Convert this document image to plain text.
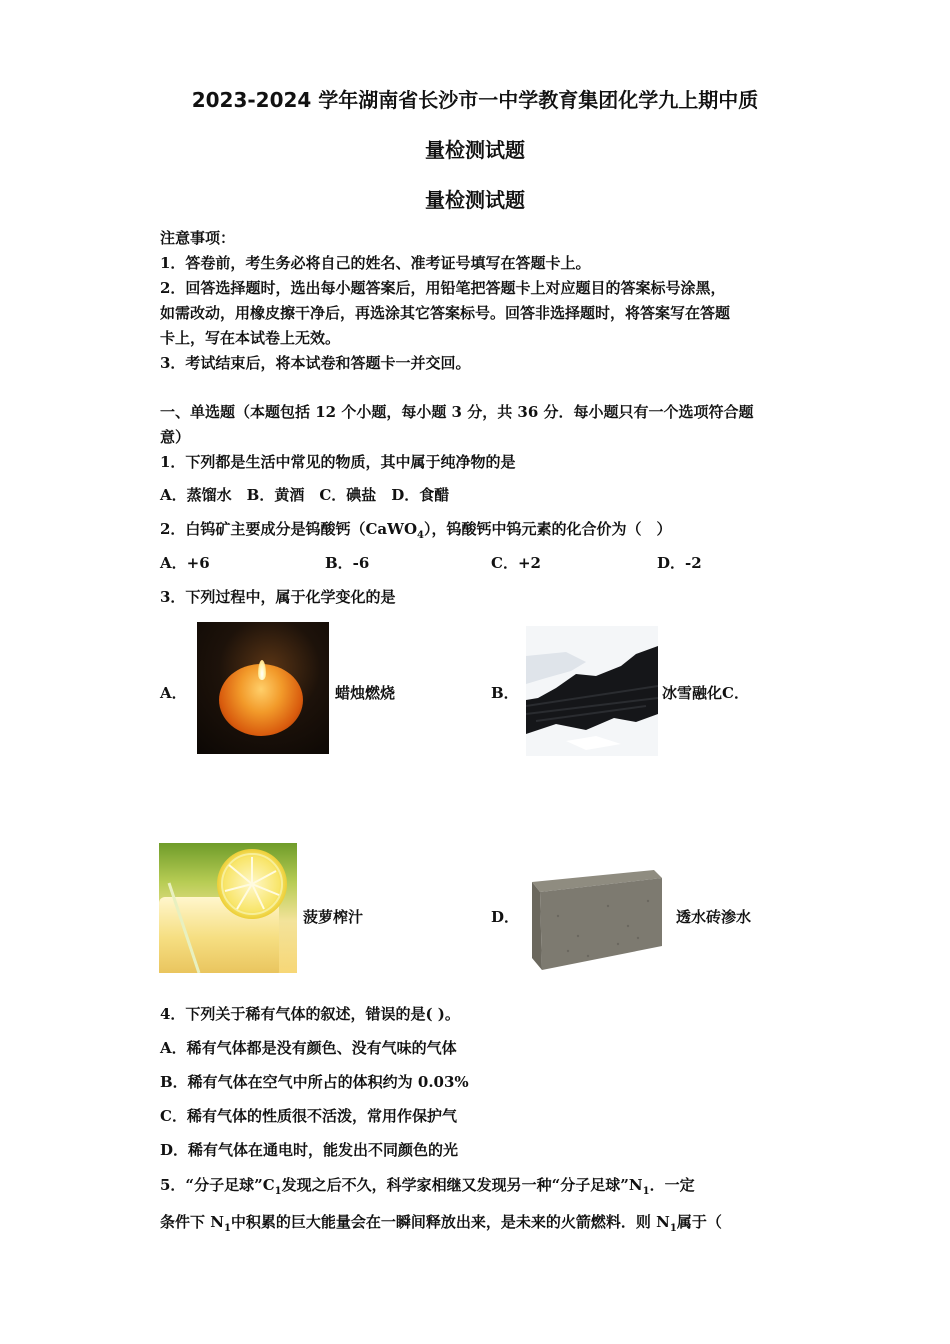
2023-2024 学年湖南省长沙市一中学教育集团化学九上期中质
量检测试题
量检测试题
注意事项：
1．答卷前，考生务必将自己的姓名、准考证号填写在答题卡上。
2．回答选择题时，选出每小题答案后，用铅笔把答题卡上对应题目的答案标号涂黑，
如需改动，用橡皮擦干净后，再选涂其它答案标号。回答非选择题时，将答案写在答题
卡上，写在本试卷上无效。
3．考试结束后，将本试卷和答题卡一并交回。
一、单选题（本题包括 12 个小题，每小题 3 分，共 36 分．每小题只有一个选项符合题
意）
1．下列都是生活中常见的物质，其中属于纯净物的是
A．蒸馏水　B．黄酒　C．碘盐　D．食醋
2．白钨矿主要成分是钨酸钙（CaWO$_4$），钨酸钙中钨元素的化合价为（　）
A．+6	B．-6	C．+2	D．-2
3．下列过程中，属于化学变化的是
A．	蜡烛燃烧	B．	冰雪融化C．
菠萝榨汁	D．	透水砖渗水
4．下列关于稀有气体的叙述，错误的是( )。
A．稀有气体都是没有颜色、没有气味的气体
B．稀有气体在空气中所占的体积约为 0.03%
C．稀有气体的性质很不活泼，常用作保护气
D．稀有气体在通电时，能发出不同颜色的光
5．“分子足球$”C_1$发现之后不久，科学家相继又发现另一种“分子足球$”N_1$．一定
条件下 $N_1$中积累的巨大能量会在一瞬间释放出来，是未来的火箭燃料．则 $N_1$属于（
